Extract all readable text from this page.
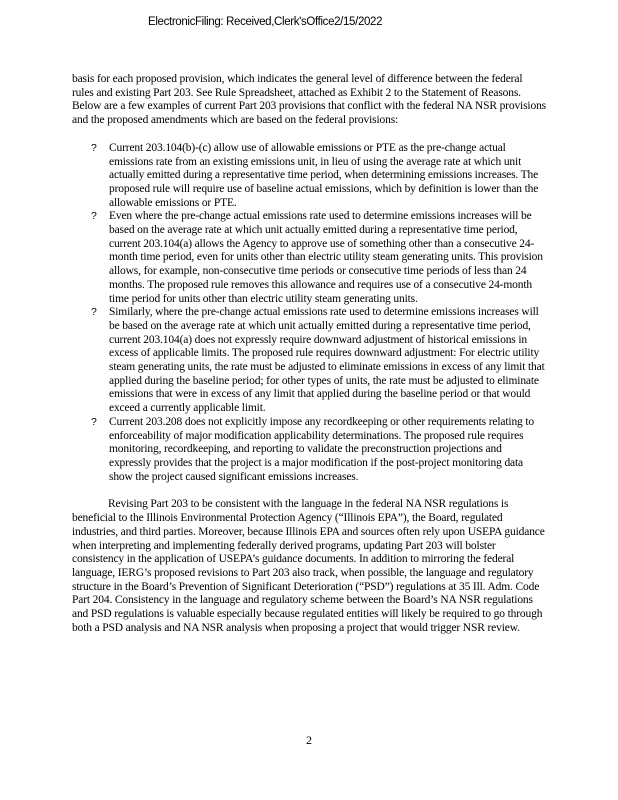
ElectronicFiling: Received,Clerk'sOffice2/15/2022

basis for each proposed provision, which indicates the general level of difference between the federal rules and existing Part 203. See Rule Spreadsheet, attached as Exhibit 2 to the Statement of Reasons. Below are a few examples of current Part 203 provisions that conflict with the federal NA NSR provisions and the proposed amendments which are based on the federal provisions:

? Current 203.104(b)-(c) allow use of allowable emissions or PTE as the pre-change actual emissions rate from an existing emissions unit, in lieu of using the average rate at which unit actually emitted during a representative time period, when determining emissions increases. The proposed rule will require use of baseline actual emissions, which by definition is lower than the allowable emissions or PTE.
? Even where the pre-change actual emissions rate used to determine emissions increases will be based on the average rate at which unit actually emitted during a representative time period, current 203.104(a) allows the Agency to approve use of something other than a consecutive 24-month time period, even for units other than electric utility steam generating units. This provision allows, for example, non-consecutive time periods or consecutive time periods of less than 24 months. The proposed rule removes this allowance and requires use of a consecutive 24-month time period for units other than electric utility steam generating units.
? Similarly, where the pre-change actual emissions rate used to determine emissions increases will be based on the average rate at which unit actually emitted during a representative time period, current 203.104(a) does not expressly require downward adjustment of historical emissions in excess of applicable limits. The proposed rule requires downward adjustment: For electric utility steam generating units, the rate must be adjusted to eliminate emissions in excess of any limit that applied during the baseline period; for other types of units, the rate must be adjusted to eliminate emissions that were in excess of any limit that applied during the baseline period or that would exceed a currently applicable limit.
? Current 203.208 does not explicitly impose any recordkeeping or other requirements relating to enforceability of major modification applicability determinations. The proposed rule requires monitoring, recordkeeping, and reporting to validate the preconstruction projections and expressly provides that the project is a major modification if the post-project monitoring data show the project caused significant emissions increases.

Revising Part 203 to be consistent with the language in the federal NA NSR regulations is beneficial to the Illinois Environmental Protection Agency (“Illinois EPA”), the Board, regulated industries, and third parties. Moreover, because Illinois EPA and sources often rely upon USEPA guidance when interpreting and implementing federally derived programs, updating Part 203 will bolster consistency in the application of USEPA’s guidance documents. In addition to mirroring the federal language, IERG’s proposed revisions to Part 203 also track, when possible, the language and regulatory structure in the Board’s Prevention of Significant Deterioration (“PSD”) regulations at 35 Ill. Adm. Code Part 204. Consistency in the language and regulatory scheme between the Board’s NA NSR regulations and PSD regulations is valuable especially because regulated entities will likely be required to go through both a PSD analysis and NA NSR analysis when proposing a project that would trigger NSR review.

2
